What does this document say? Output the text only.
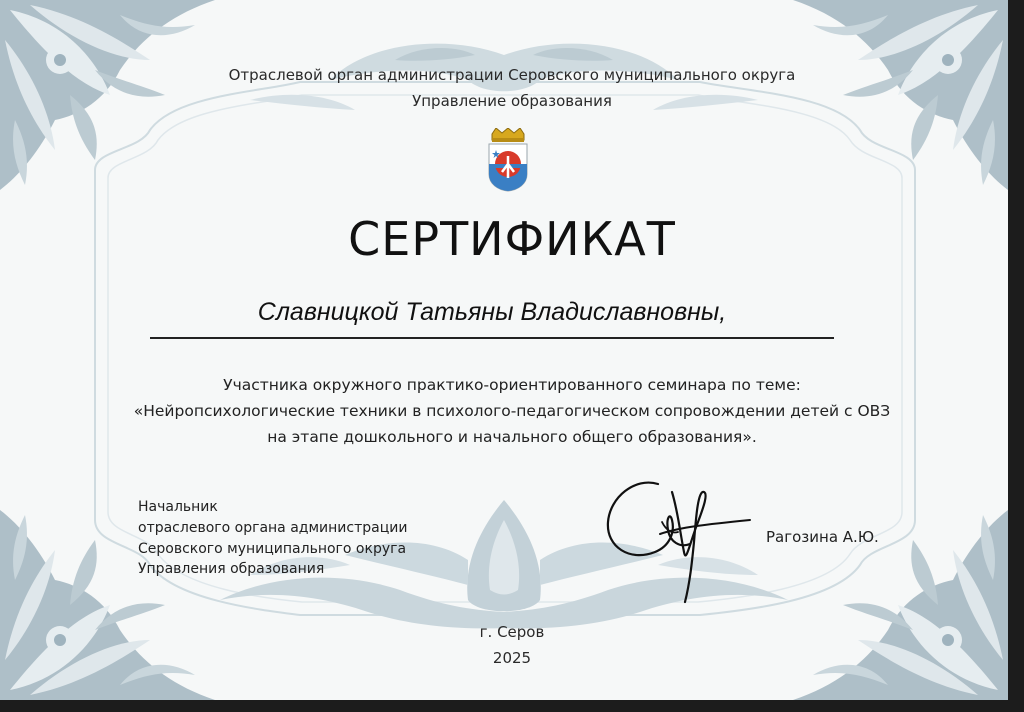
Отраслевой орган администрации Серовского муниципального округа
Управление образования
СЕРТИФИКАТ
Славницкой Татьяны Владиславновны,
Участника окружного практико-ориентированного семинара по теме:
«Нейропсихологические техники в психолого-педагогическом сопровождении детей с ОВЗ
на этапе дошкольного и начального общего образования».
Начальник
отраслевого органа администрации
Серовского муниципального округа
Управления образования
Рагозина А.Ю.
г. Серов
2025
